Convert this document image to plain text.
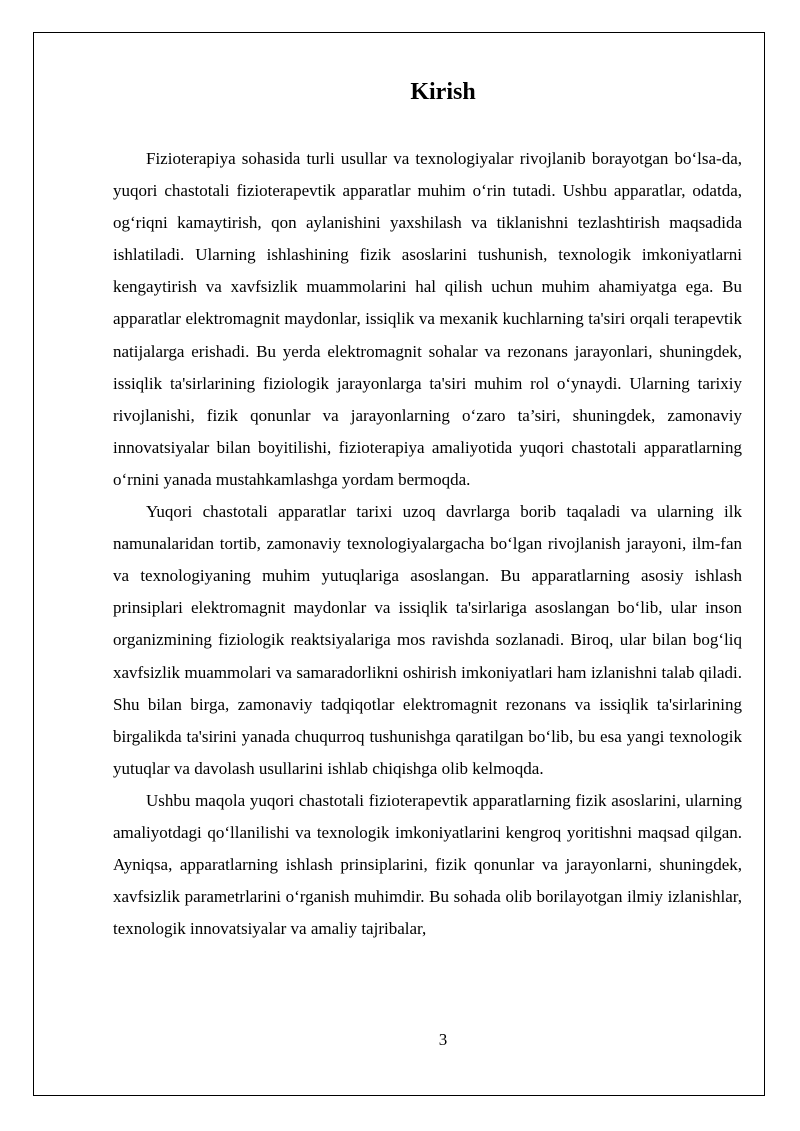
Kirish

Fizioterapiya sohasida turli usullar va texnologiyalar rivojlanib borayotgan bo‘lsa-da, yuqori chastotali fizioterapevtik apparatlar muhim o‘rin tutadi. Ushbu apparatlar, odatda, og‘riqni kamaytirish, qon aylanishini yaxshilash va tiklanishni tezlashtirish maqsadida ishlatiladi. Ularning ishlashining fizik asoslarini tushunish, texnologik imkoniyatlarni kengaytirish va xavfsizlik muammolarini hal qilish uchun muhim ahamiyatga ega. Bu apparatlar elektromagnit maydonlar, issiqlik va mexanik kuchlarning ta'siri orqali terapevtik natijalarga erishadi. Bu yerda elektromagnit sohalar va rezonans jarayonlari, shuningdek, issiqlik ta'sirlarining fiziologik jarayonlarga ta'siri muhim rol o‘ynaydi. Ularning tarixiy rivojlanishi, fizik qonunlar va jarayonlarning o‘zaro ta’siri, shuningdek, zamonaviy innovatsiyalar bilan boyitilishi, fizioterapiya amaliyotida yuqori chastotali apparatlarning o‘rnini yanada mustahkamlashga yordam bermoqda.

Yuqori chastotali apparatlar tarixi uzoq davrlarga borib taqaladi va ularning ilk namunalaridan tortib, zamonaviy texnologiyalargacha bo‘lgan rivojlanish jarayoni, ilm-fan va texnologiyaning muhim yutuqlariga asoslangan. Bu apparatlarning asosiy ishlash prinsiplari elektromagnit maydonlar va issiqlik ta'sirlariga asoslangan bo‘lib, ular inson organizmining fiziologik reaktsiyalariga mos ravishda sozlanadi. Biroq, ular bilan bog‘liq xavfsizlik muammolari va samaradorlikni oshirish imkoniyatlari ham izlanishni talab qiladi. Shu bilan birga, zamonaviy tadqiqotlar elektromagnit rezonans va issiqlik ta'sirlarining birgalikda ta'sirini yanada chuqurroq tushunishga qaratilgan bo‘lib, bu esa yangi texnologik yutuqlar va davolash usullarini ishlab chiqishga olib kelmoqda.

Ushbu maqola yuqori chastotali fizioterapevtik apparatlarning fizik asoslarini, ularning amaliyotdagi qo‘llanilishi va texnologik imkoniyatlarini kengroq yoritishni maqsad qilgan. Ayniqsa, apparatlarning ishlash prinsiplarini, fizik qonunlar va jarayonlarni, shuningdek, xavfsizlik parametrlarini o‘rganish muhimdir. Bu sohada olib borilayotgan ilmiy izlanishlar, texnologik innovatsiyalar va amaliy tajribalar,

3
